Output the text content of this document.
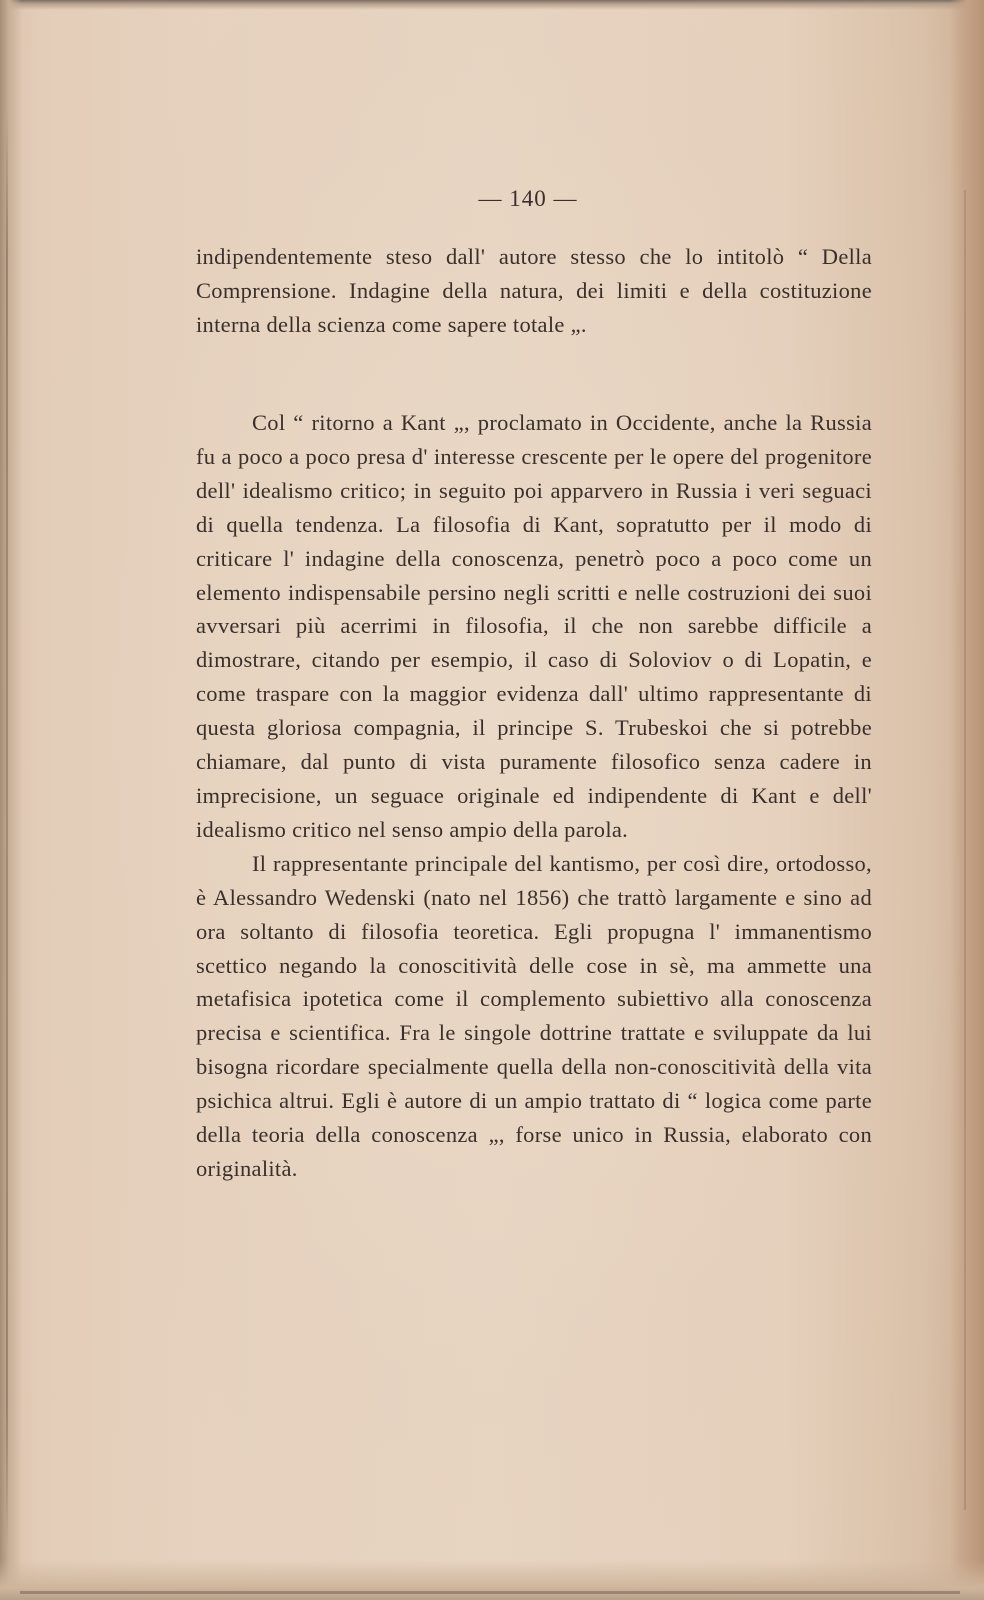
— 140 —

indipendentemente steso dall' autore stesso che lo intitolò “ Della Comprensione. Indagine della natura, dei limiti e della costituzione interna della scienza come sapere totale „.

Col “ ritorno a Kant „, proclamato in Occidente, anche la Russia fu a poco a poco presa d' interesse crescente per le opere del progenitore dell' idealismo critico; in seguito poi apparvero in Russia i veri seguaci di quella tendenza. La filosofia di Kant, sopratutto per il modo di criticare l' indagine della conoscenza, penetrò poco a poco come un elemento indispensabile persino negli scritti e nelle costruzioni dei suoi avversari più acerrimi in filosofia, il che non sarebbe difficile a dimostrare, citando per esempio, il caso di Soloviov o di Lopatin, e come traspare con la maggior evidenza dall' ultimo rappresentante di questa gloriosa compagnia, il principe S. Trubeskoi che si potrebbe chiamare, dal punto di vista puramente filosofico senza cadere in imprecisione, un seguace originale ed indipendente di Kant e dell' idealismo critico nel senso ampio della parola.

Il rappresentante principale del kantismo, per così dire, ortodosso, è Alessandro Wedenski (nato nel 1856) che trattò largamente e sino ad ora soltanto di filosofia teoretica. Egli propugna l' immanentismo scettico negando la conoscitività delle cose in sè, ma ammette una metafisica ipotetica come il complemento subiettivo alla conoscenza precisa e scientifica. Fra le singole dottrine trattate e sviluppate da lui bisogna ricordare specialmente quella della non-conoscitività della vita psichica altrui. Egli è autore di un ampio trattato di “ logica come parte della teoria della conoscenza „, forse unico in Russia, elaborato con originalità.
